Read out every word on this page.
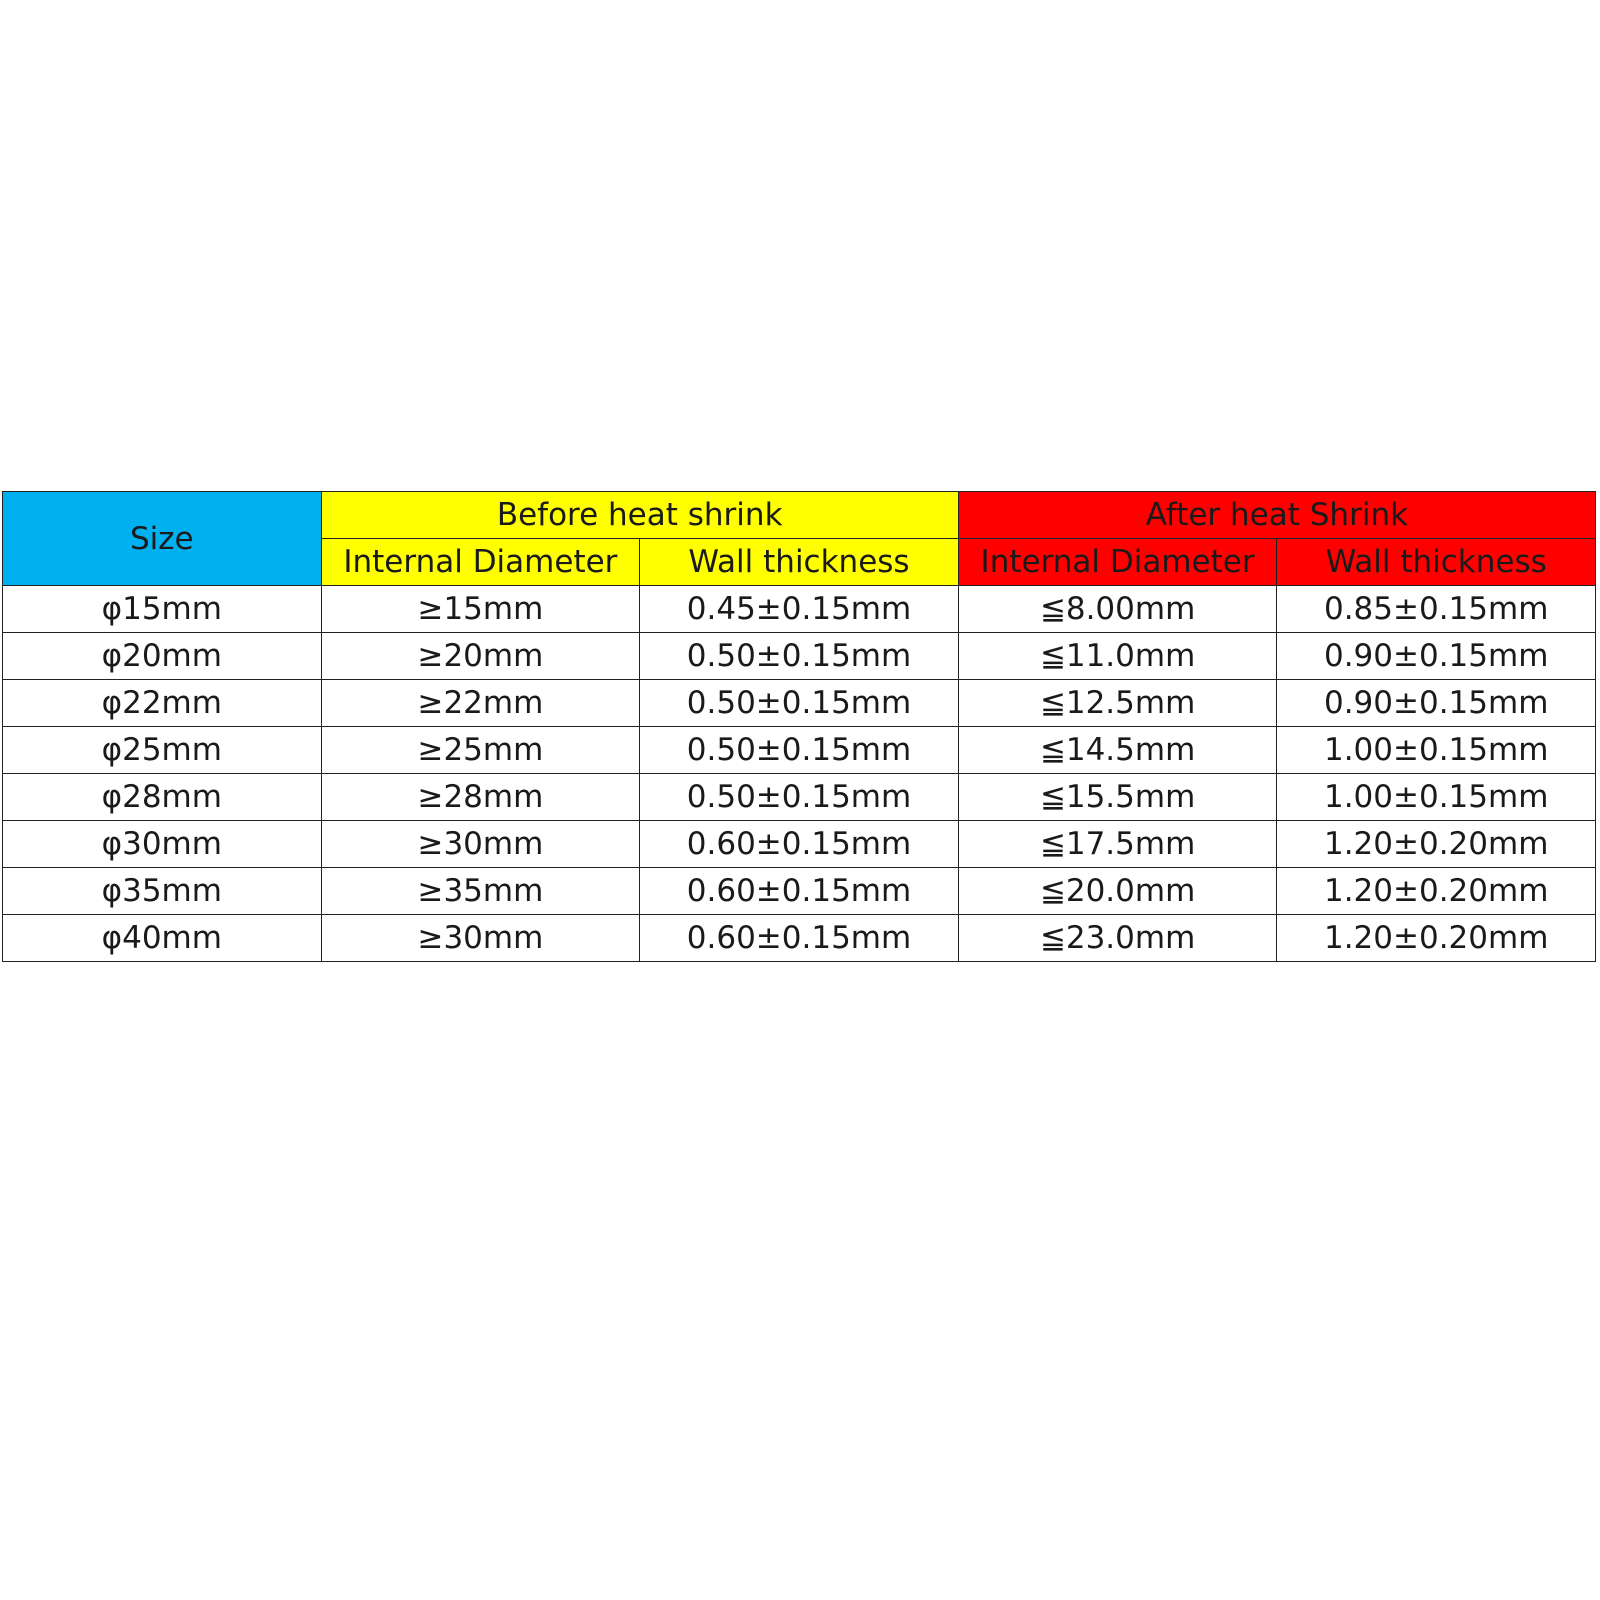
Size	Before heat shrink		After heat Shrink	
	Internal Diameter	Wall thickness	Internal Diameter	Wall thickness
φ15mm	≥15mm	0.45±0.15mm	≦8.00mm	0.85±0.15mm
φ20mm	≥20mm	0.50±0.15mm	≦11.0mm	0.90±0.15mm
φ22mm	≥22mm	0.50±0.15mm	≦12.5mm	0.90±0.15mm
φ25mm	≥25mm	0.50±0.15mm	≦14.5mm	1.00±0.15mm
φ28mm	≥28mm	0.50±0.15mm	≦15.5mm	1.00±0.15mm
φ30mm	≥30mm	0.60±0.15mm	≦17.5mm	1.20±0.20mm
φ35mm	≥35mm	0.60±0.15mm	≦20.0mm	1.20±0.20mm
φ40mm	≥30mm	0.60±0.15mm	≦23.0mm	1.20±0.20mm
